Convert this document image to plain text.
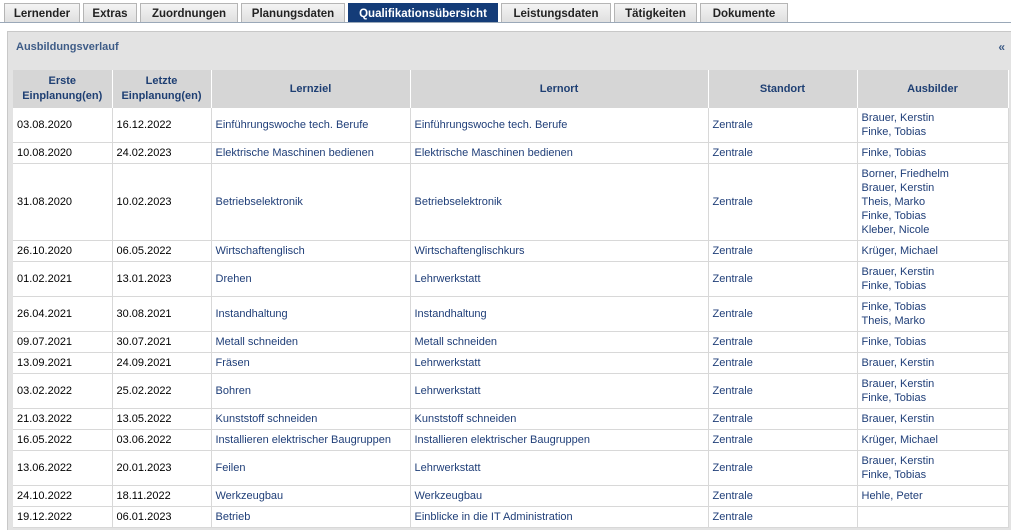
Lernender	Extras	Zuordnungen	Planungsdaten	Qualifikationsübersicht	Leistungsdaten	Tätigkeiten	Dokumente
Ausbildungsverlauf	«
Erste
Einplanung(en)	Letzte
Einplanung(en)	Lernziel	Lernort	Standort	Ausbilder
03.08.2020	16.12.2022	Einführungswoche tech. Berufe	Einführungswoche tech. Berufe	Zentrale	Brauer, Kerstin
Finke, Tobias

10.08.2020	24.02.2023	Elektrische Maschinen bedienen	Elektrische Maschinen bedienen	Zentrale	Finke, Tobias

31.08.2020	10.02.2023	Betriebselektronik	Betriebselektronik	Zentrale	Borner, Friedhelm
Brauer, Kerstin
Theis, Marko
Finke, Tobias
Kleber, Nicole

26.10.2020	06.05.2022	Wirtschaftenglisch	Wirtschaftenglischkurs	Zentrale	Krüger, Michael

01.02.2021	13.01.2023	Drehen	Lehrwerkstatt	Zentrale	Brauer, Kerstin
Finke, Tobias

26.04.2021	30.08.2021	Instandhaltung	Instandhaltung	Zentrale	Finke, Tobias
Theis, Marko

09.07.2021	30.07.2021	Metall schneiden	Metall schneiden	Zentrale	Finke, Tobias

13.09.2021	24.09.2021	Fräsen	Lehrwerkstatt	Zentrale	Brauer, Kerstin

03.02.2022	25.02.2022	Bohren	Lehrwerkstatt	Zentrale	Brauer, Kerstin
Finke, Tobias

21.03.2022	13.05.2022	Kunststoff schneiden	Kunststoff schneiden	Zentrale	Brauer, Kerstin

16.05.2022	03.06.2022	Installieren elektrischer Baugruppen	Installieren elektrischer Baugruppen	Zentrale	Krüger, Michael

13.06.2022	20.01.2023	Feilen	Lehrwerkstatt	Zentrale	Brauer, Kerstin
Finke, Tobias

24.10.2022	18.11.2022	Werkzeugbau	Werkzeugbau	Zentrale	Hehle, Peter

19.12.2022	06.01.2023	Betrieb	Einblicke in die IT Administration	Zentrale	
